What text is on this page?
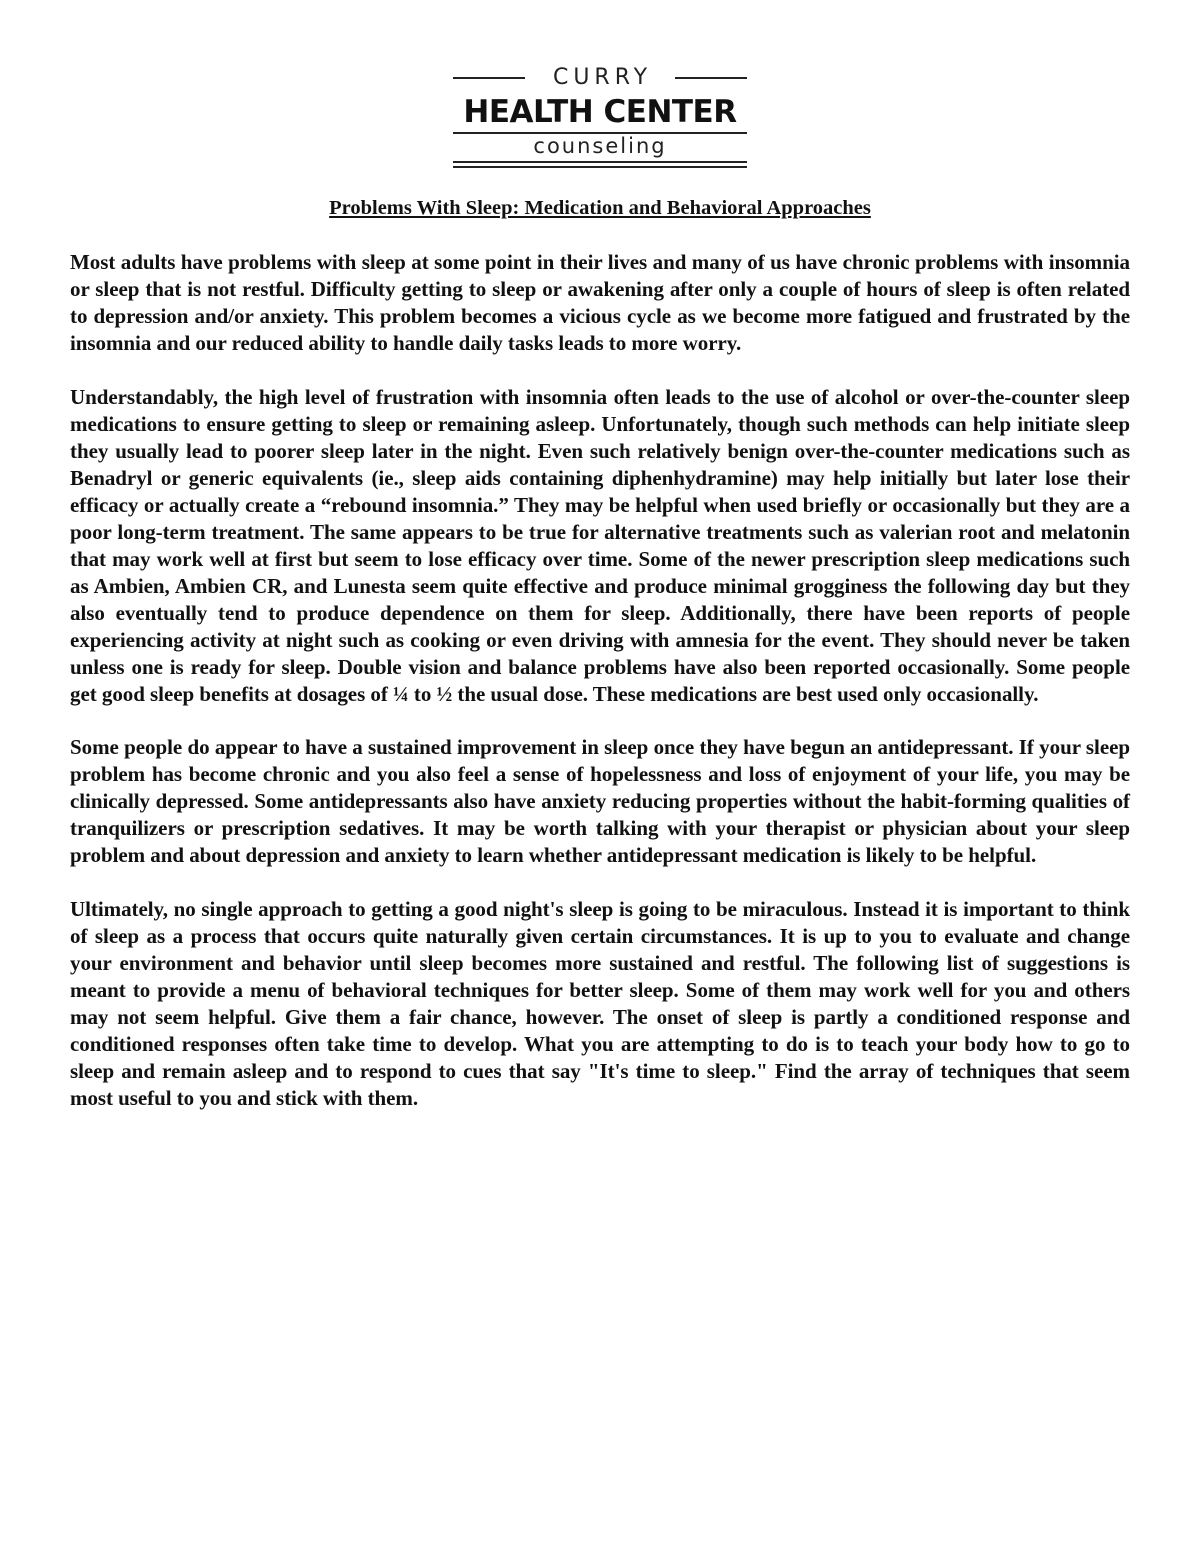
CURRY
HEALTH CENTER
counseling
Problems With Sleep: Medication and Behavioral Approaches

Most adults have problems with sleep at some point in their lives and many of us have chronic problems with insomnia or sleep that is not restful. Difficulty getting to sleep or awakening after only a couple of hours of sleep is often related to depression and/or anxiety. This problem becomes a vicious cycle as we become more fatigued and frustrated by the insomnia and our reduced ability to handle daily tasks leads to more worry.

Understandably, the high level of frustration with insomnia often leads to the use of alcohol or over-the-counter sleep medications to ensure getting to sleep or remaining asleep. Unfortunately, though such methods can help initiate sleep they usually lead to poorer sleep later in the night. Even such relatively benign over-the-counter medications such as Benadryl or generic equivalents (ie., sleep aids containing diphenhydramine) may help initially but later lose their efficacy or actually create a “rebound insomnia.” They may be helpful when used briefly or occasionally but they are a poor long-term treatment. The same appears to be true for alternative treatments such as valerian root and melatonin that may work well at first but seem to lose efficacy over time. Some of the newer prescription sleep medications such as Ambien, Ambien CR, and Lunesta seem quite effective and produce minimal grogginess the following day but they also eventually tend to produce dependence on them for sleep. Additionally, there have been reports of people experiencing activity at night such as cooking or even driving with amnesia for the event. They should never be taken unless one is ready for sleep. Double vision and balance problems have also been reported occasionally. Some people get good sleep benefits at dosages of ¼ to ½ the usual dose. These medications are best used only occasionally.

Some people do appear to have a sustained improvement in sleep once they have begun an antidepressant. If your sleep problem has become chronic and you also feel a sense of hopelessness and loss of enjoyment of your life, you may be clinically depressed. Some antidepressants also have anxiety reducing properties without the habit-forming qualities of tranquilizers or prescription sedatives. It may be worth talking with your therapist or physician about your sleep problem and about depression and anxiety to learn whether antidepressant medication is likely to be helpful.

Ultimately, no single approach to getting a good night's sleep is going to be miraculous. Instead it is important to think of sleep as a process that occurs quite naturally given certain circumstances. It is up to you to evaluate and change your environment and behavior until sleep becomes more sustained and restful. The following list of suggestions is meant to provide a menu of behavioral techniques for better sleep. Some of them may work well for you and others may not seem helpful. Give them a fair chance, however. The onset of sleep is partly a conditioned response and conditioned responses often take time to develop. What you are attempting to do is to teach your body how to go to sleep and remain asleep and to respond to cues that say "It's time to sleep." Find the array of techniques that seem most useful to you and stick with them.
